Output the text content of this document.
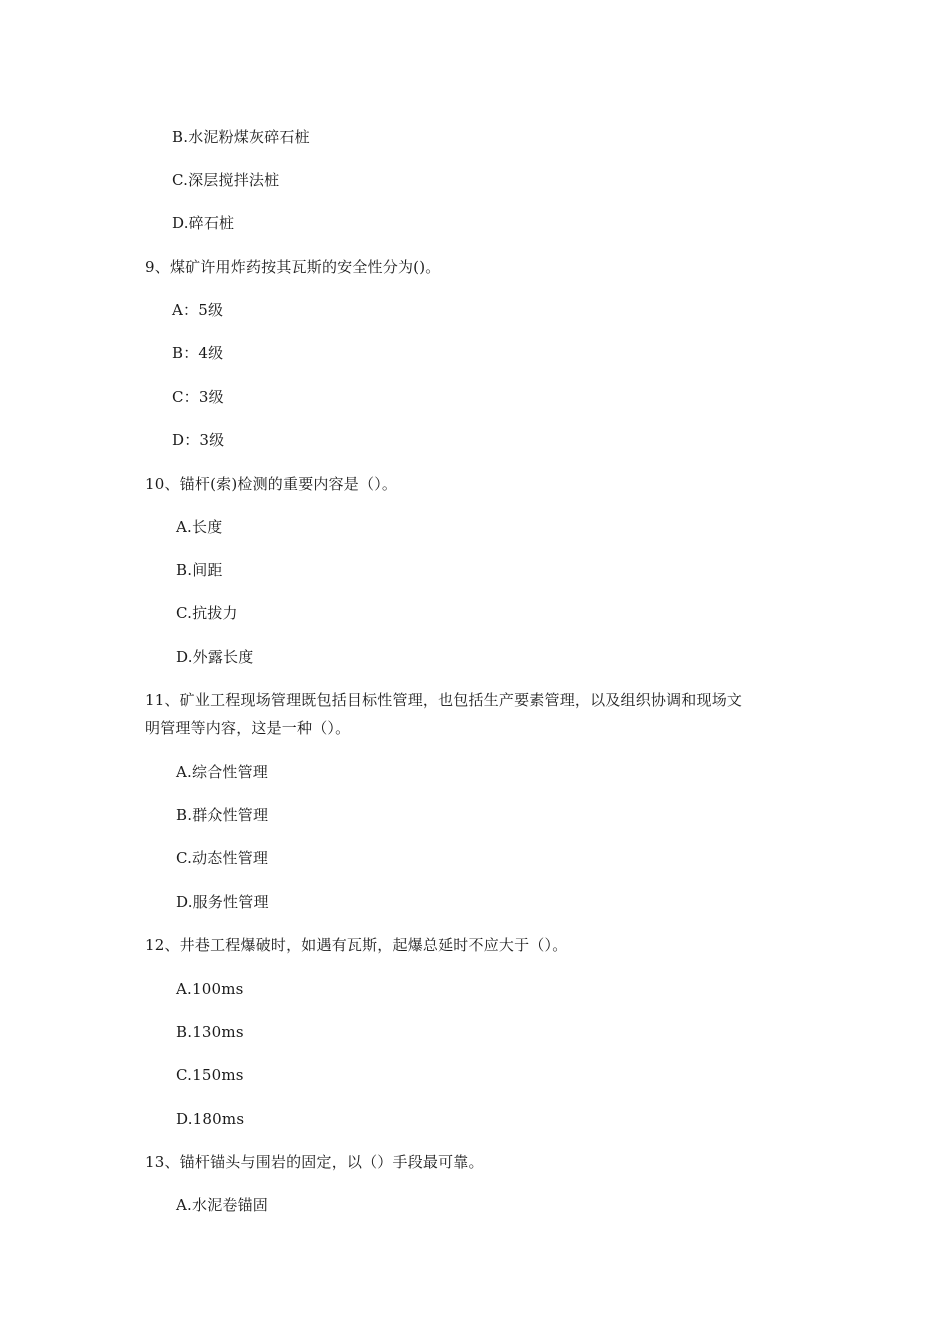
B.水泥粉煤灰碎石桩
C.深层搅拌法桩
D.碎石桩
9、煤矿许用炸药按其瓦斯的安全性分为()。
A：5级
B：4级
C：3级
D：3级
10、锚杆(索)检测的重要内容是（）。
A.长度
B.间距
C.抗拔力
D.外露长度
11、矿业工程现场管理既包括目标性管理，也包括生产要素管理，以及组织协调和现场文
明管理等内容，这是一种（）。
A.综合性管理
B.群众性管理
C.动态性管理
D.服务性管理
12、井巷工程爆破时，如遇有瓦斯，起爆总延时不应大于（）。
A.100ms
B.130ms
C.150ms
D.180ms
13、锚杆锚头与围岩的固定，以（）手段最可靠。
A.水泥卷锚固
